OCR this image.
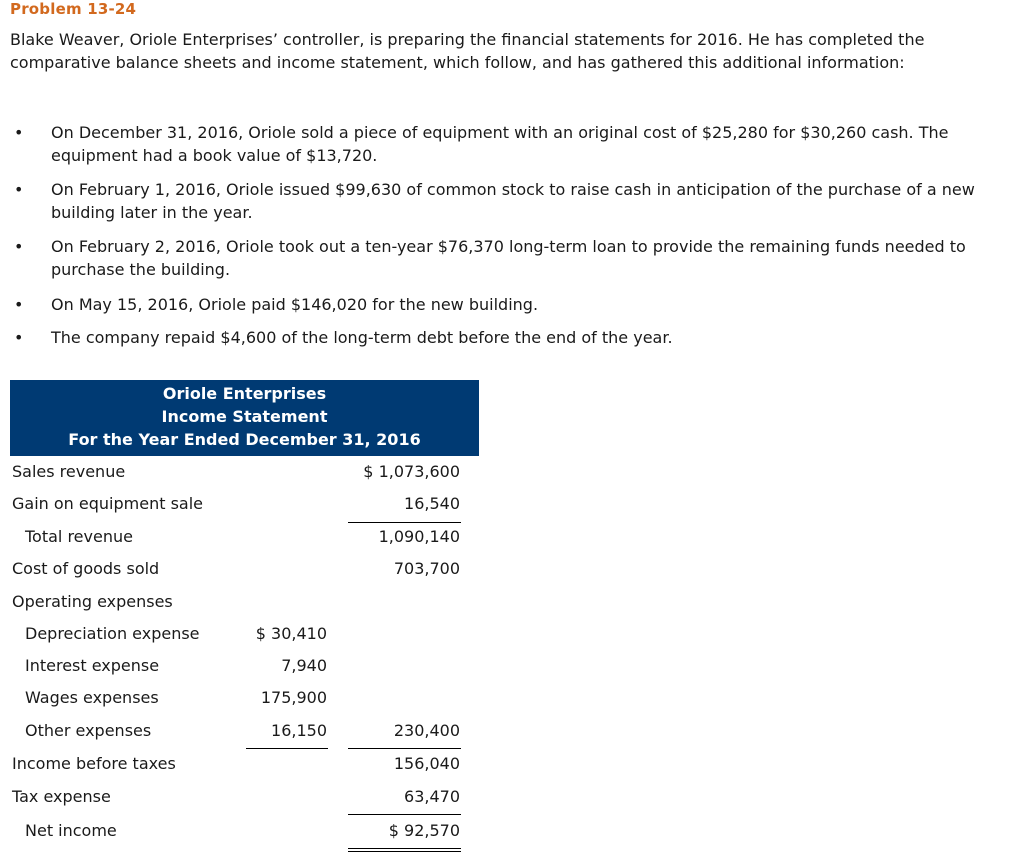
Problem 13-24
Blake Weaver, Oriole Enterprises’ controller, is preparing the financial statements for 2016. He has completed the comparative balance sheets and income statement, which follow, and has gathered this additional information:
• On December 31, 2016, Oriole sold a piece of equipment with an original cost of $25,280 for $30,260 cash. The equipment had a book value of $13,720.
• On February 1, 2016, Oriole issued $99,630 of common stock to raise cash in anticipation of the purchase of a new building later in the year.
• On February 2, 2016, Oriole took out a ten-year $76,370 long-term loan to provide the remaining funds needed to purchase the building.
• On May 15, 2016, Oriole paid $146,020 for the new building.
• The company repaid $4,600 of the long-term debt before the end of the year.
Oriole Enterprises
Income Statement
For the Year Ended December 31, 2016
Sales revenue	$ 1,073,600
Gain on equipment sale	16,540
Total revenue	1,090,140
Cost of goods sold	703,700
Operating expenses
Depreciation expense	$ 30,410
Interest expense	7,940
Wages expenses	175,900
Other expenses	16,150	230,400
Income before taxes	156,040
Tax expense	63,470
Net income	$ 92,570
